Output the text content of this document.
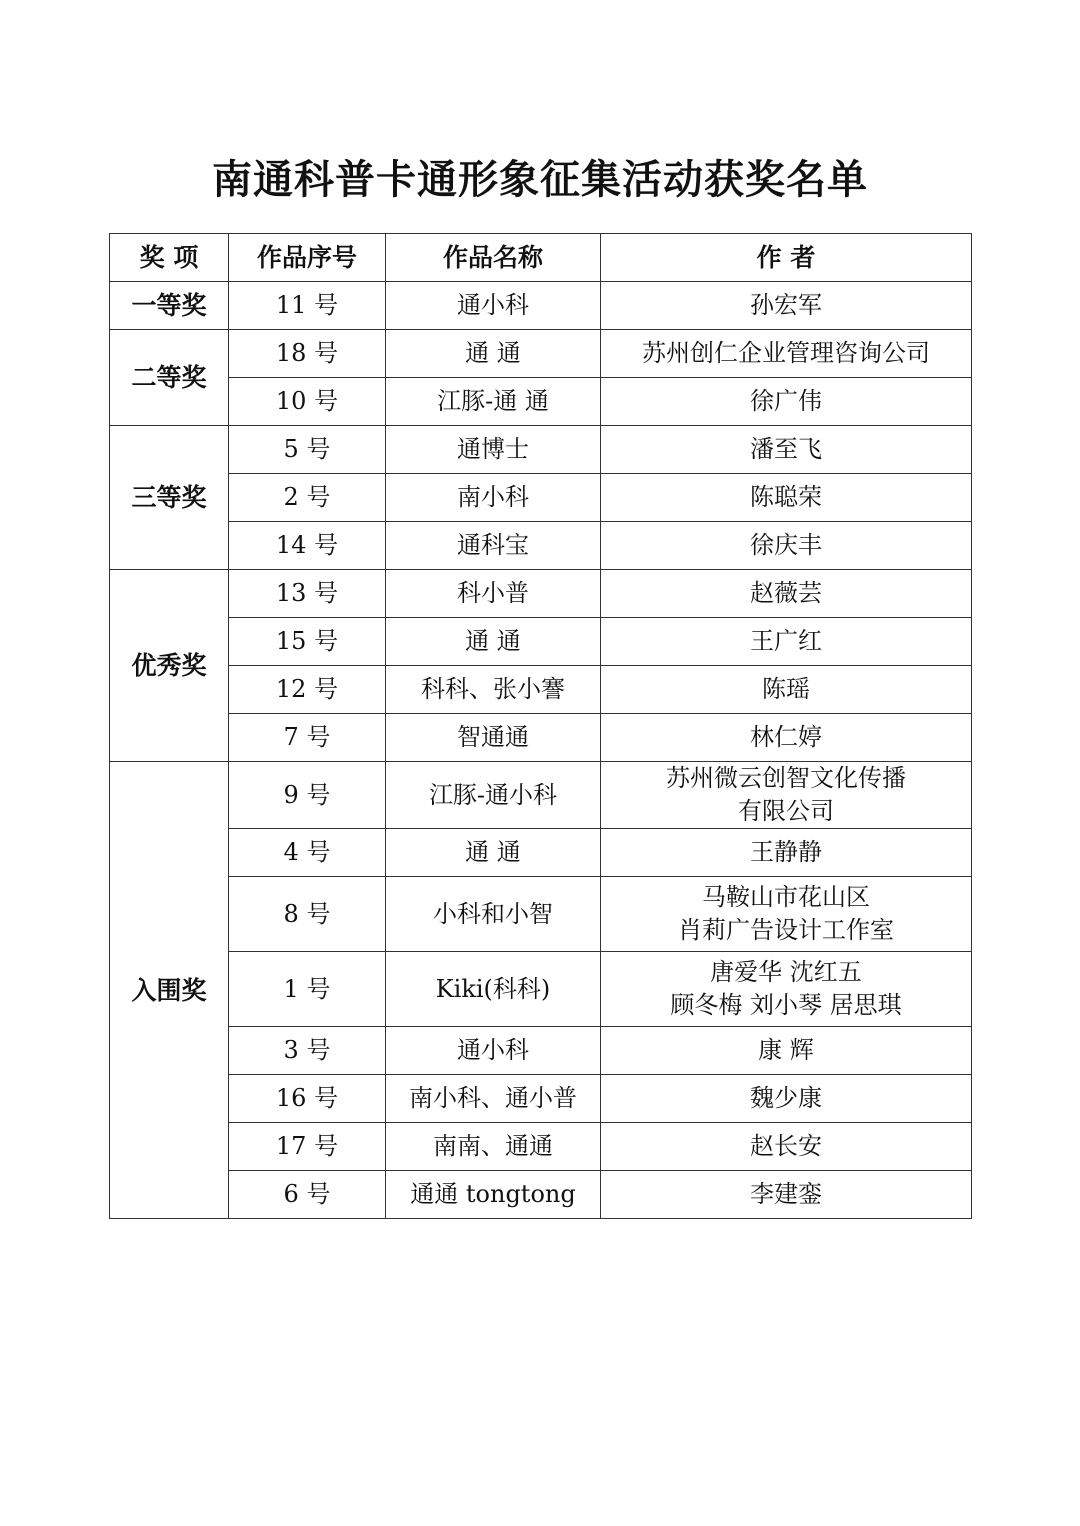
南通科普卡通形象征集活动获奖名单
奖 项	作品序号	作品名称	作 者
一等奖	11 号	通小科	孙宏军

二等奖	18 号	通 通	苏州创仁企业管理咨询公司

	10 号	江豚-通 通	徐广伟

三等奖	5 号	通博士	潘至飞

	2 号	南小科	陈聪荣

	14 号	通科宝	徐庆丰

优秀奖	13 号	科小普	赵薇芸

	15 号	通 通	王广红

	12 号	科科、张小謇	陈瑶

	7 号	智通通	林仁婷

入围奖	9 号	江豚-通小科	苏州微云创智文化传播
有限公司

	4 号	通 通	王静静

	8 号	小科和小智	马鞍山市花山区
肖莉广告设计工作室

	1 号	Kiki(科科)	唐爱华 沈红五
顾冬梅 刘小琴 居思琪

	3 号	通小科	康 辉

	16 号	南小科、通小普	魏少康

	17 号	南南、通通	赵长安

	6 号	通通 tongtong	李建銮
